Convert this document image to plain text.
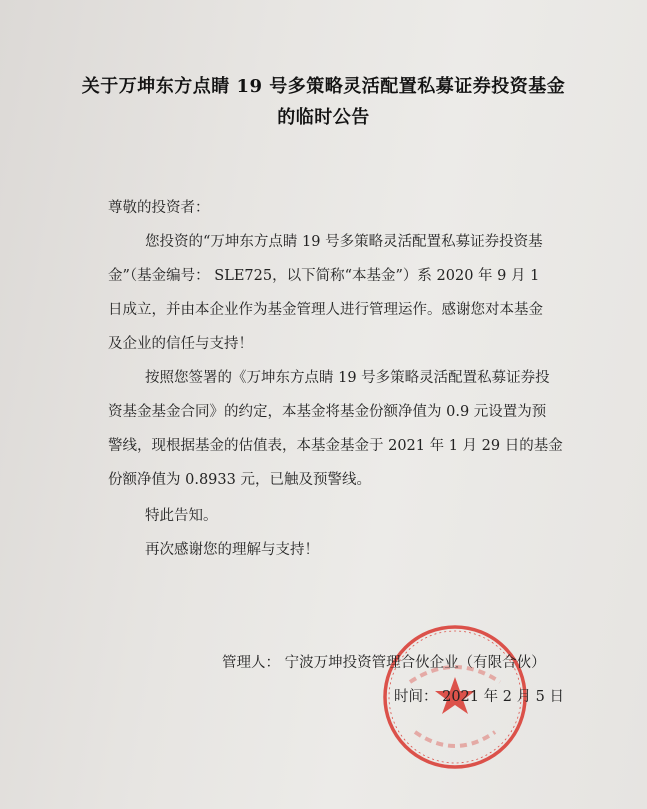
关于万坤东方点睛 19 号多策略灵活配置私募证券投资基金
的临时公告
尊敬的投资者：
您投资的“万坤东方点睛 19 号多策略灵活配置私募证券投资基
金”（基金编号： SLE725，以下简称“本基金”）系 2020 年 9 月 1
日成立，并由本企业作为基金管理人进行管理运作。感谢您对本基金
及企业的信任与支持！
按照您签署的《万坤东方点睛 19 号多策略灵活配置私募证券投
资基金基金合同》的约定，本基金将基金份额净值为 0.9 元设置为预
警线，现根据基金的估值表，本基金基金于 2021 年 1 月 29 日的基金
份额净值为 0.8933 元，已触及预警线。
特此告知。
再次感谢您的理解与支持！
管理人： 宁波万坤投资管理合伙企业（有限合伙）
时间： 2021 年 2 月 5 日
